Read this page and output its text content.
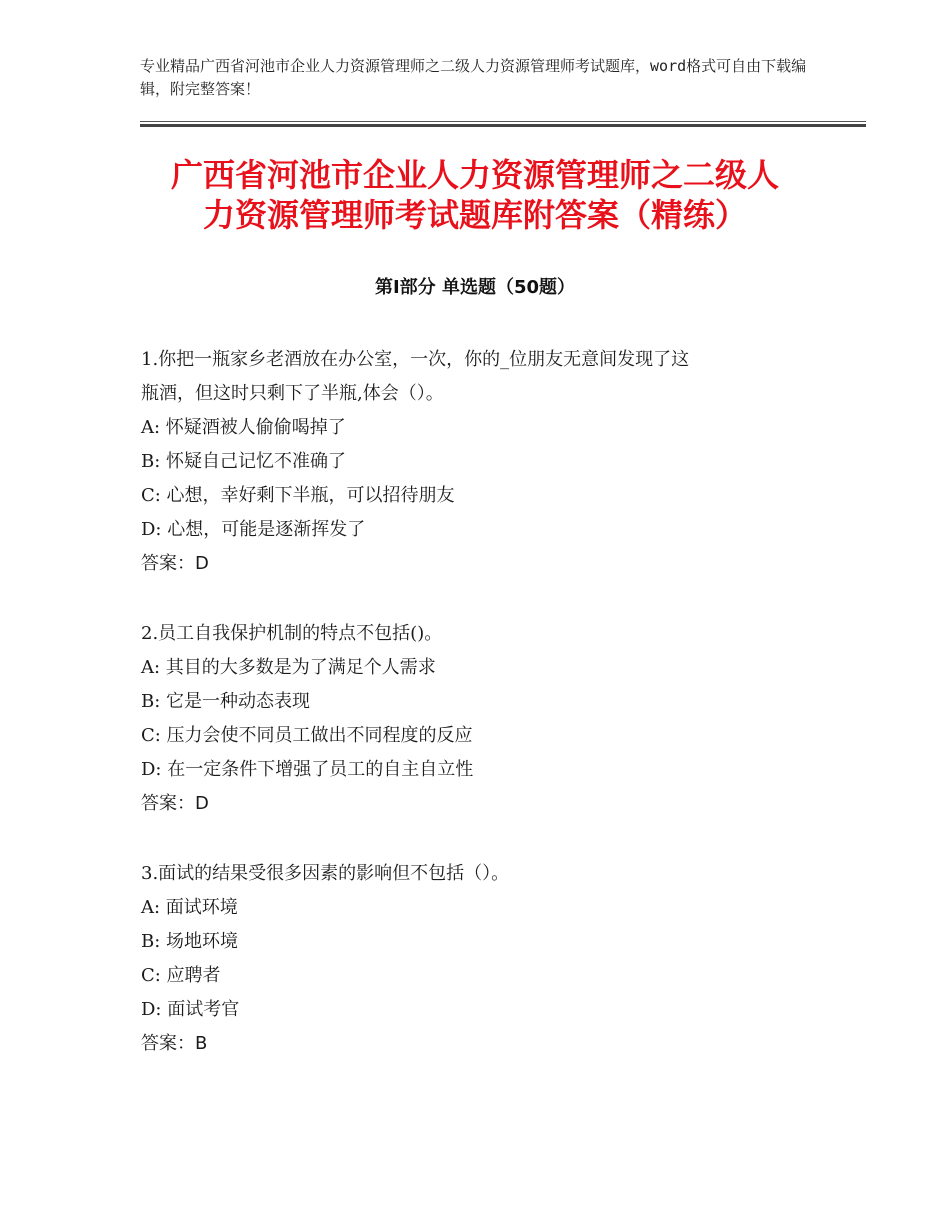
专业精品广西省河池市企业人力资源管理师之二级人力资源管理师考试题库，word格式可自由下载编辑，附完整答案！
广西省河池市企业人力资源管理师之二级人
力资源管理师考试题库附答案（精练）
第Ⅰ部分 单选题（50题）
1.你把一瓶家乡老酒放在办公室，一次，你的_位朋友无意间发现了这
瓶酒，但这时只剩下了半瓶,体会（）。
A: 怀疑酒被人偷偷喝掉了
B: 怀疑自己记忆不准确了
C: 心想，幸好剩下半瓶，可以招待朋友
D: 心想，可能是逐渐挥发了
答案：D
2.员工自我保护机制的特点不包括()。
A: 其目的大多数是为了满足个人需求
B: 它是一种动态表现
C: 压力会使不同员工做出不同程度的反应
D: 在一定条件下增强了员工的自主自立性
答案：D
3.面试的结果受很多因素的影响但不包括（）。
A: 面试环境
B: 场地环境
C: 应聘者
D: 面试考官
答案：B
